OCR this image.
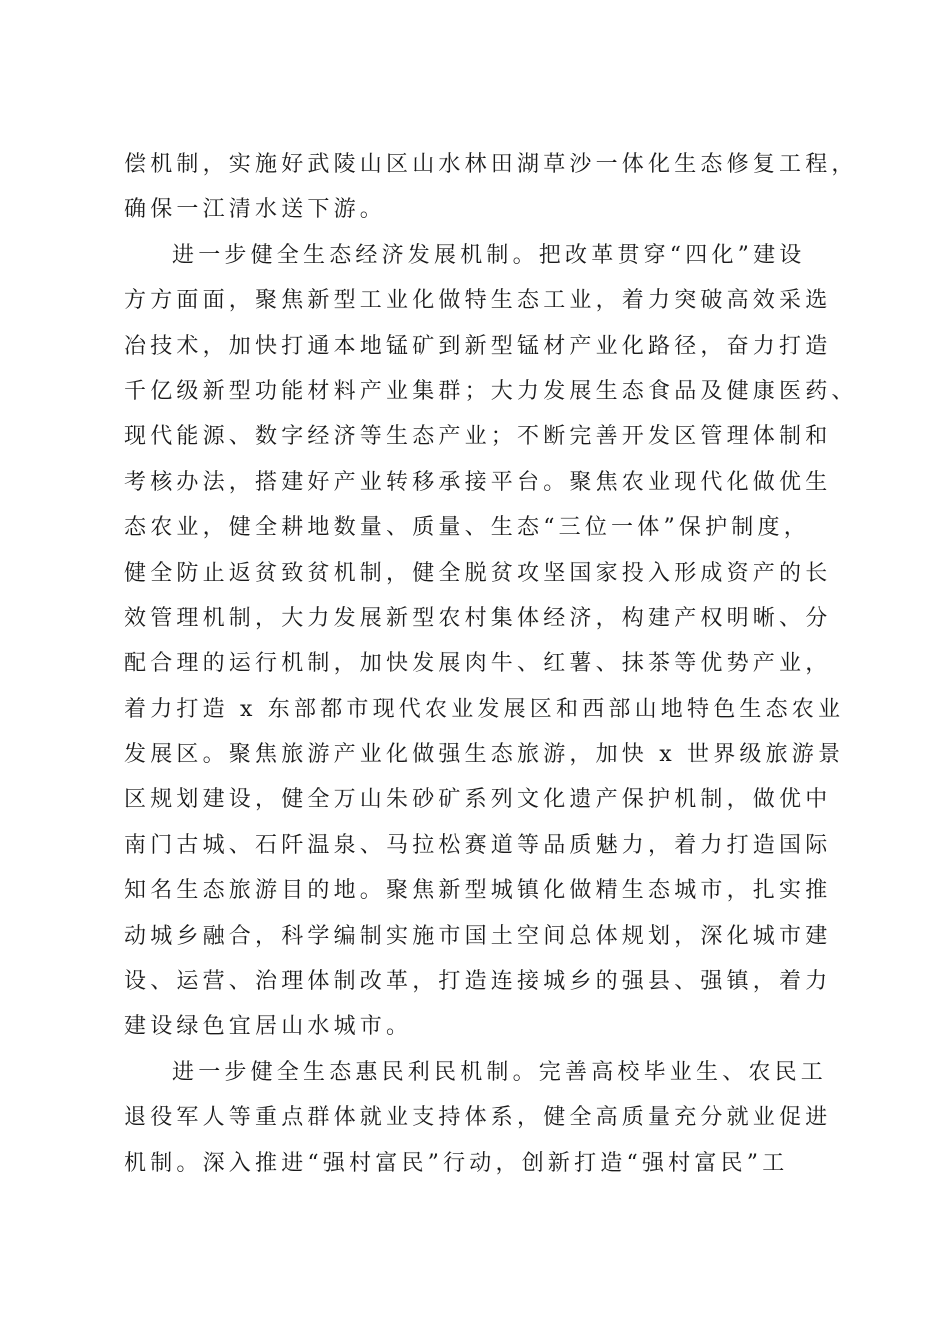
偿机制，实施好武陵山区山水林田湖草沙一体化生态修复工程，
确保一江清水送下游。
进一步健全生态经济发展机制。把改革贯穿“四化”建设
方方面面，聚焦新型工业化做特生态工业，着力突破高效采选
冶技术，加快打通本地锰矿到新型锰材产业化路径，奋力打造
千亿级新型功能材料产业集群；大力发展生态食品及健康医药、
现代能源、数字经济等生态产业；不断完善开发区管理体制和
考核办法，搭建好产业转移承接平台。聚焦农业现代化做优生
态农业，健全耕地数量、质量、生态“三位一体”保护制度，
健全防止返贫致贫机制，健全脱贫攻坚国家投入形成资产的长
效管理机制，大力发展新型农村集体经济，构建产权明晰、分
配合理的运行机制，加快发展肉牛、红薯、抹茶等优势产业，
着力打造 x 东部都市现代农业发展区和西部山地特色生态农业
发展区。聚焦旅游产业化做强生态旅游，加快 x 世界级旅游景
区规划建设，健全万山朱砂矿系列文化遗产保护机制，做优中
南门古城、石阡温泉、马拉松赛道等品质魅力，着力打造国际
知名生态旅游目的地。聚焦新型城镇化做精生态城市，扎实推
动城乡融合，科学编制实施市国土空间总体规划，深化城市建
设、运营、治理体制改革，打造连接城乡的强县、强镇，着力
建设绿色宜居山水城市。
进一步健全生态惠民利民机制。完善高校毕业生、农民工
退役军人等重点群体就业支持体系，健全高质量充分就业促进
机制。深入推进“强村富民”行动，创新打造“强村富民”工
